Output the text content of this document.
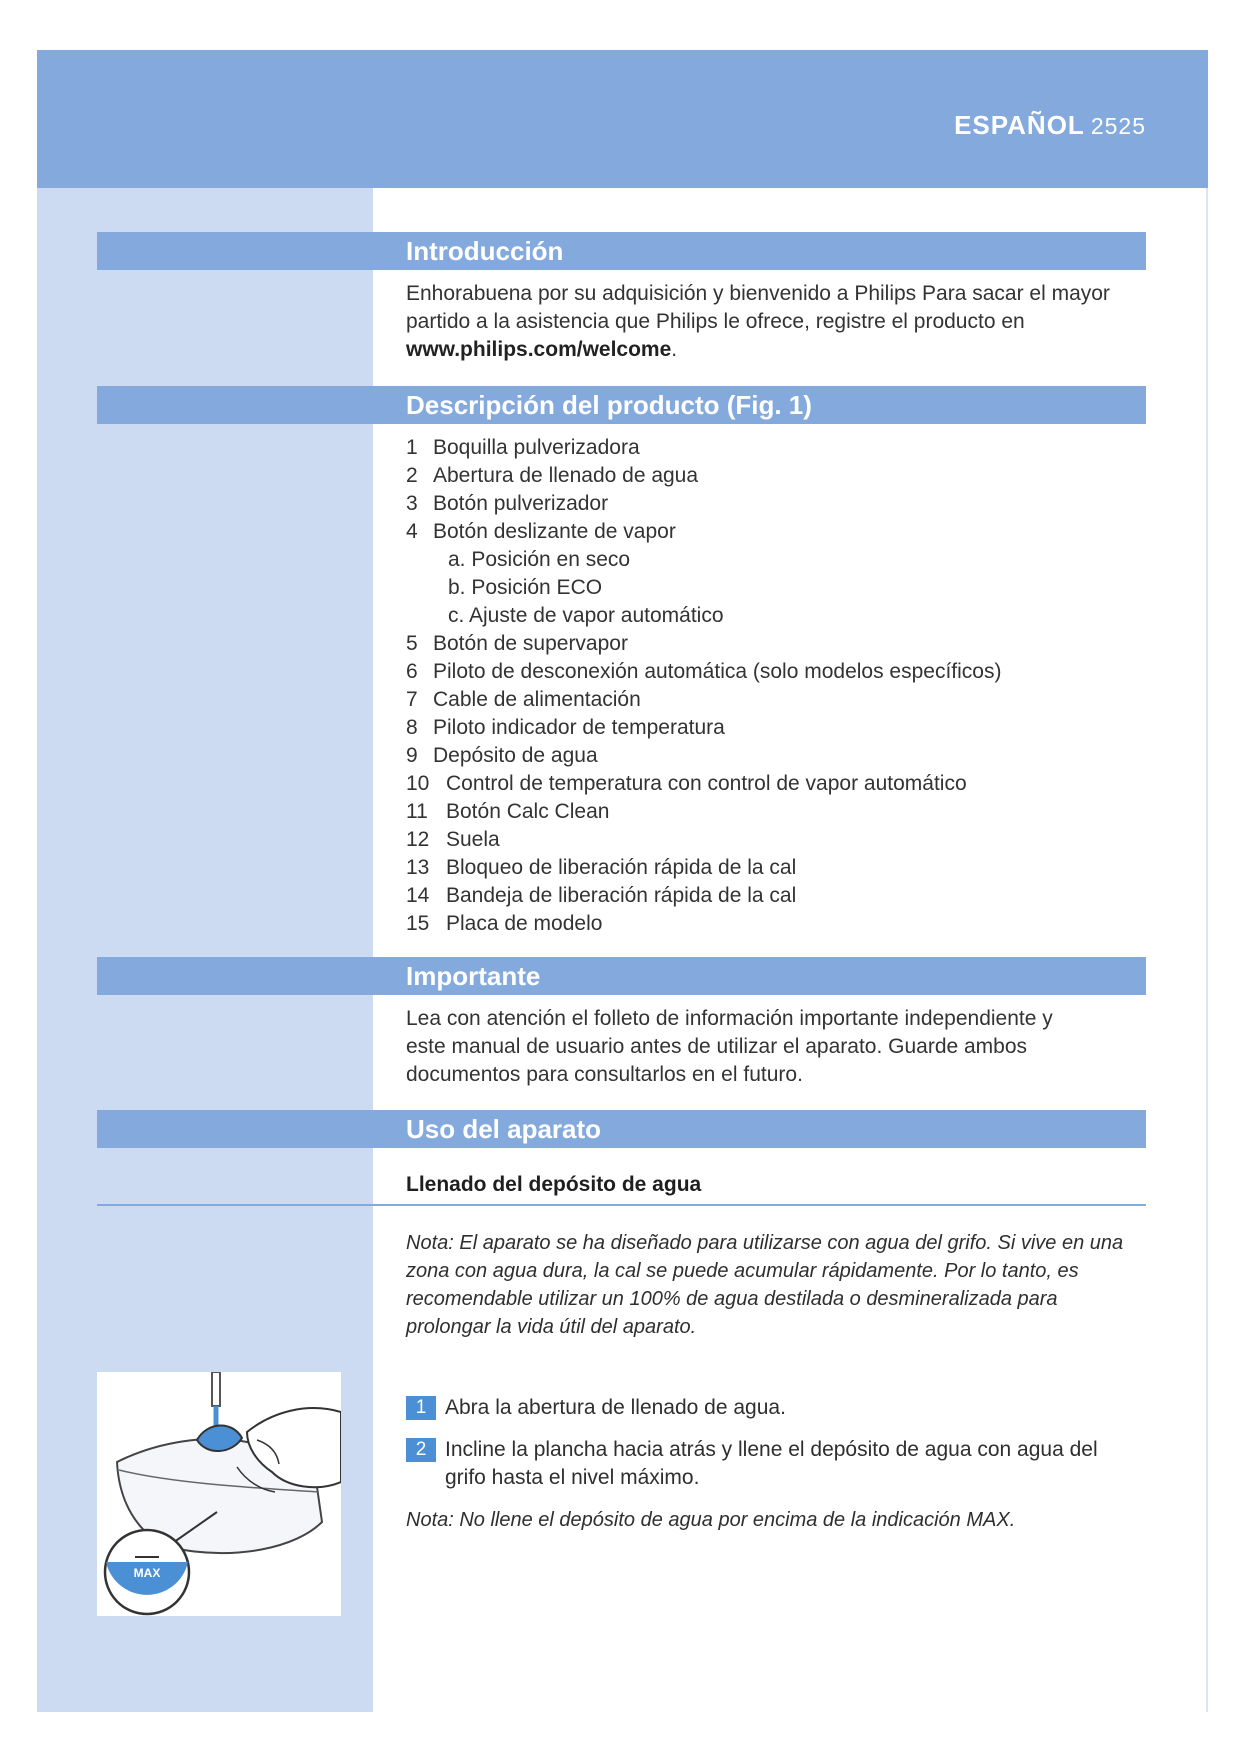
ESPAÑOL 2525
Introducción
Enhorabuena por su adquisición y bienvenido a Philips Para sacar el mayor partido a la asistencia que Philips le ofrece, registre el producto en www.philips.com/welcome.
Descripción del producto (Fig. 1)
1 Boquilla pulverizadora
2 Abertura de llenado de agua
3 Botón pulverizador
4 Botón deslizante de vapor
a. Posición en seco
b. Posición ECO
c. Ajuste de vapor automático
5 Botón de supervapor
6 Piloto de desconexión automática (solo modelos específicos)
7 Cable de alimentación
8 Piloto indicador de temperatura
9 Depósito de agua
10 Control de temperatura con control de vapor automático
11 Botón Calc Clean
12 Suela
13 Bloqueo de liberación rápida de la cal
14 Bandeja de liberación rápida de la cal
15 Placa de modelo
Importante
Lea con atención el folleto de información importante independiente y este manual de usuario antes de utilizar el aparato. Guarde ambos documentos para consultarlos en el futuro.
Uso del aparato
Llenado del depósito de agua
Nota: El aparato se ha diseñado para utilizarse con agua del grifo. Si vive en una zona con agua dura, la cal se puede acumular rápidamente. Por lo tanto, es recomendable utilizar un 100% de agua destilada o desmineralizada para prolongar la vida útil del aparato.
1 Abra la abertura de llenado de agua.
2 Incline la plancha hacia atrás y llene el depósito de agua con agua del
grifo hasta el nivel máximo.
Nota: No llene el depósito de agua por encima de la indicación MAX.
MAX
